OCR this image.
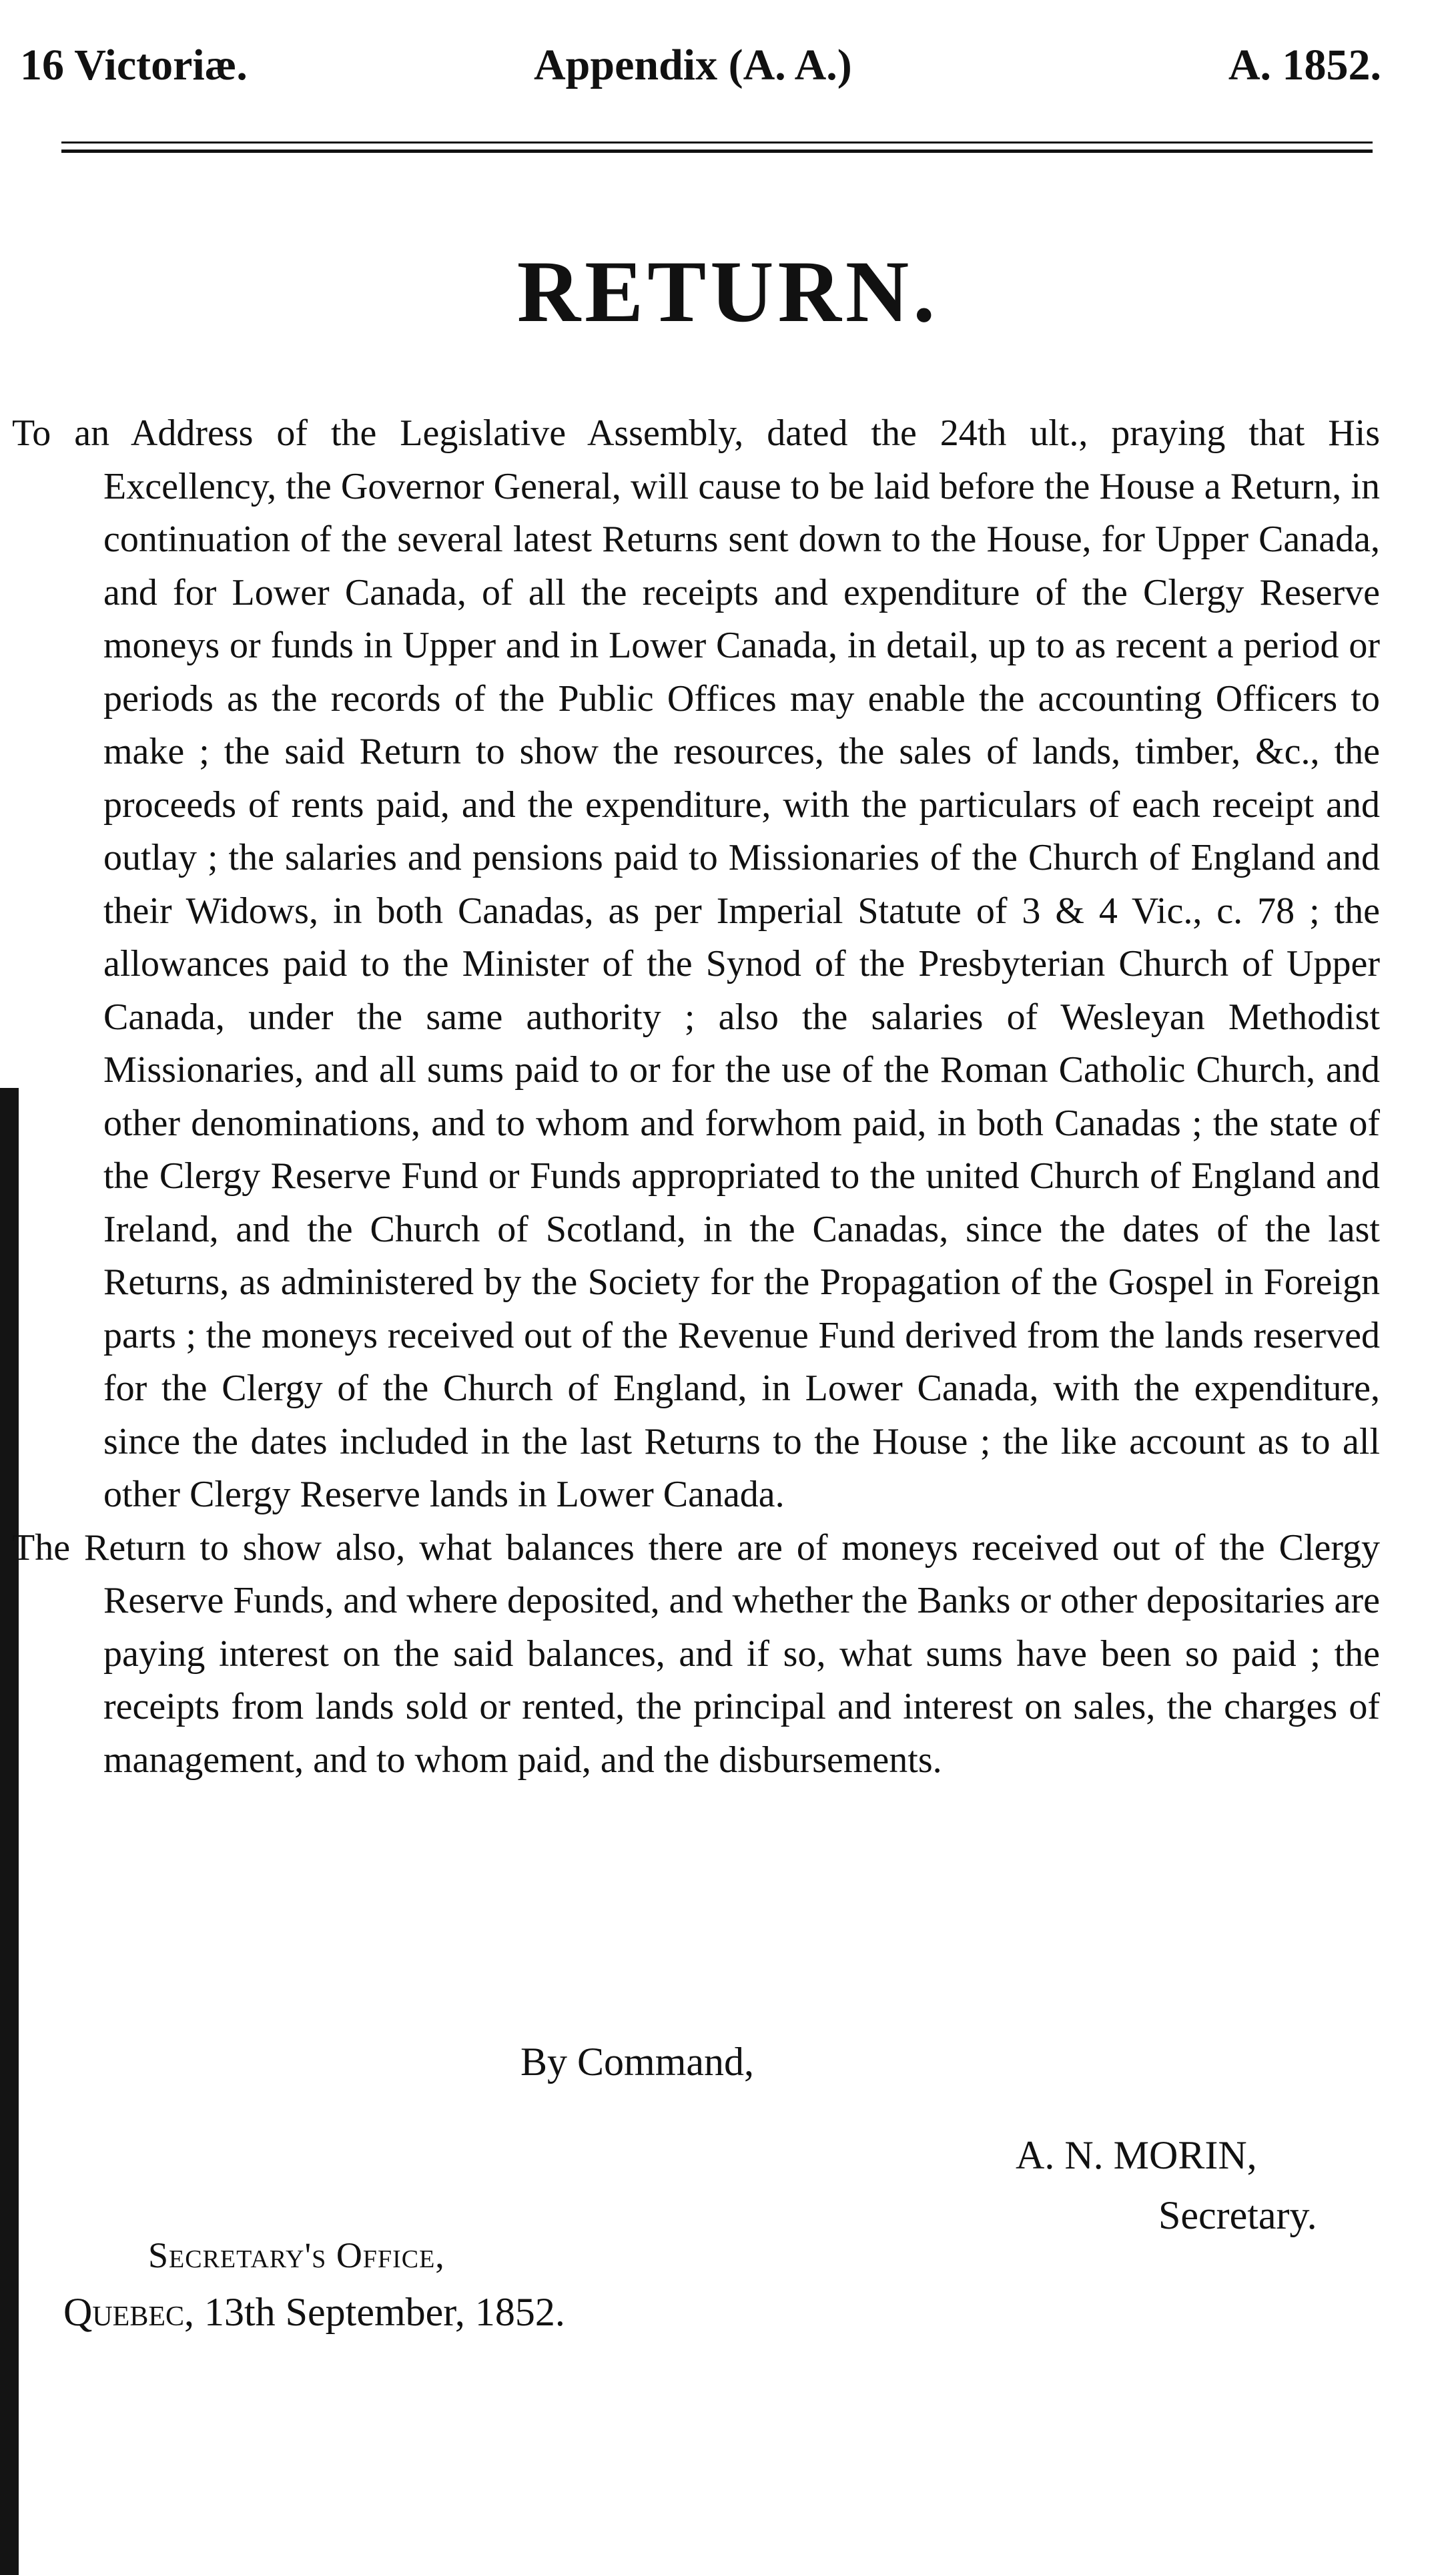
16 Victoriæ.	Appendix (A. A.)	A. 1852.
RETURN.

To an Address of the Legislative Assembly, dated the 24th ult., praying that His Excellency, the Governor General, will cause to be laid before the House a Return, in continuation of the several latest Returns sent down to the House, for Upper Canada, and for Lower Canada, of all the receipts and expenditure of the Clergy Reserve moneys or funds in Upper and in Lower Canada, in detail, up to as recent a period or periods as the records of the Public Offices may enable the accounting Officers to make ; the said Return to show the resources, the sales of lands, timber, &c., the proceeds of rents paid, and the expenditure, with the particulars of each receipt and outlay ; the salaries and pensions paid to Missionaries of the Church of England and their Widows, in both Canadas, as per Imperial Statute of 3 & 4 Vic., c. 78 ; the allowances paid to the Minister of the Synod of the Presbyterian Church of Upper Canada, under the same authority ; also the salaries of Wesleyan Methodist Missionaries, and all sums paid to or for the use of the Roman Catholic Church, and other denominations, and to whom and forwhom paid, in both Canadas ; the state of the Clergy Reserve Fund or Funds appropriated to the united Church of England and Ireland, and the Church of Scotland, in the Canadas, since the dates of the last Returns, as administered by the Society for the Propagation of the Gospel in Foreign parts ; the moneys received out of the Revenue Fund derived from the lands reserved for the Clergy of the Church of England, in Lower Canada, with the expenditure, since the dates included in the last Returns to the House ; the like account as to all other Clergy Reserve lands in Lower Canada.

The Return to show also, what balances there are of moneys received out of the Clergy Reserve Funds, and where deposited, and whether the Banks or other depositaries are paying interest on the said balances, and if so, what sums have been so paid ; the receipts from lands sold or rented, the principal and interest on sales, the charges of management, and to whom paid, and the disbursements.

By Command,
A. N. MORIN,
Secretary.
Secretary's Office,
Quebec, 13th September, 1852.
